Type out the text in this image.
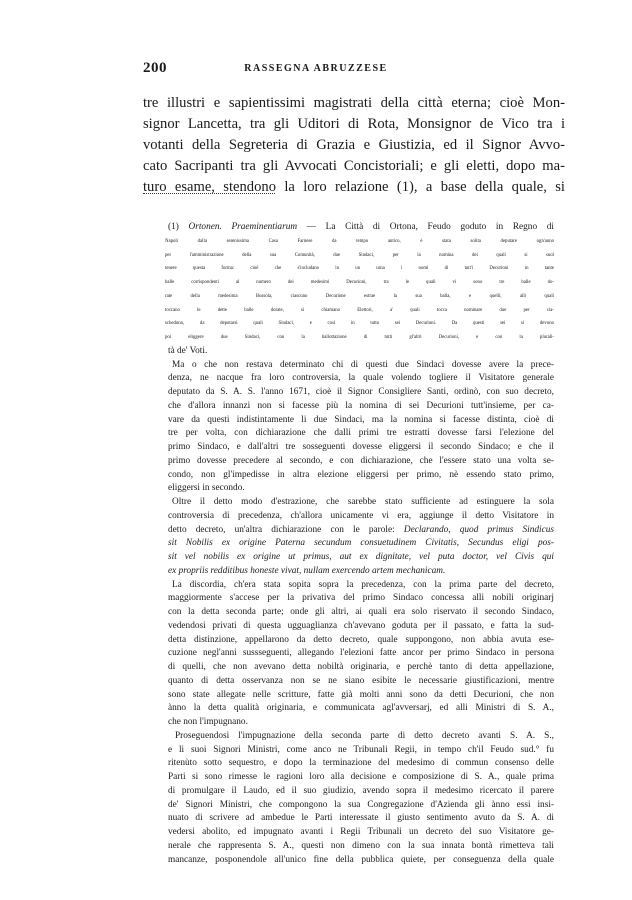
200	RASSEGNA ABRUZZESE
tre illustri e sapientissimi magistrati della città eterna; cioè Mon-
signor Lancetta, tra gli Uditori di Rota, Monsignor de Vico tra i
votanti della Segreteria di Grazia e Giustizia, ed il Signor Avvo-
cato Sacripanti tra gli Avvocati Concistoriali; e gli eletti, dopo ma-
turo esame, stendono la loro relazione (1), a base della quale, si
(1) Ortonen. Praeminentiarum — La Città di Ortona, Feudo goduto in Regno di
Napoli dalla serenissima Casa Farnese da tempo antico, è stata solita deputare ogn'anno
per l'amministrazione della sua Comunità, due Sindaci, per la nomina dei quali si suol
tenere questa forma: cioè che s'includano in un urna i nomi di tutt'i Decurioni in tante
balle corrispondenti al numero dei medesimi Decurioni, tra le quali vi sono tre balle do-
rate della medesima Bussola, ciascuno Decurione estrae la sua balla, e quelli, alli quali
toccano le dette balle dorate, si chiamano Elettori, a' quali tocca nominare due per cia-
scheduno, da deputarsi quali Sindaci, e così in tutto sei Decurioni. Da questi sei si devono
poi eliggere due Sindaci, con la ballottazione di tutti gl'altri Decurioni, e con la plurali-
tà de' Voti.
Ma o che non restava determinato chi di questi due Sindaci dovesse avere la prece-
denza, ne nacque fra loro controversia, la quale volendo togliere il Visitatore generale
deputato da S. A. S. l'anno 1671, cioè il Signor Consigliere Santi, ordinò, con suo decreto,
che d'allora innanzi non si facesse più la nomina di sei Decurioni tutt'insieme, per ca-
vare da questi indistintamente li due Sindaci, ma la nomina si facesse distinta, cioè di
tre per volta, con dichiarazione che dalli primi tre estratti dovesse farsi l'elezione del
primo Sindaco, e dall'altri tre sosseguenti dovesse eliggersi il secondo Sindaco; e che il
primo dovesse precedere al secondo, e con dichiarazione, che l'essere stato una volta se-
condo, non gl'impedisse in altra elezione eliggersi per primo, nè essendo stato primo,
eliggersi in secondo.
Oltre il detto modo d'estrazione, che sarebbe stato sufficiente ad estinguere la sola
controversia di precedenza, ch'allora unicamente vi era, aggiunge il detto Visitatore in
detto decreto, un'altra dichiarazione con le parole: Declarando, quod primus Sindicus
sit Nobilis ex origine Paterna secundum consuetudinem Civitatis, Secundus eligi pos-
sit vel nobilis ex origine ut primus, aut ex dignitate, vel puta doctor, vel Civis qui
ex propriis redditibus honeste vivat, nullam exercendo artem mechanicam.
La discordia, ch'era stata sopita sopra la precedenza, con la prima parte del decreto,
maggiormente s'accese per la privativa del primo Sindaco concessa alli nobili originarj
con la detta seconda parte; onde gli altri, ai quali era solo riservato il secondo Sindaco,
vedendosi privati di questa ugguaglianza ch'avevano goduta per il passato, e fatta la sud-
detta distinzione, appellarono da detto decreto, quale suppongono, non abbia avuta ese-
cuzione negl'anni sussseguenti, allegando l'elezioni fatte ancor per primo Sindaco in persona
di quelli, che non avevano detta nobiltà originaria, e perchè tanto di detta appellazione,
quanto di detta osservanza non se ne siano esibite le necessarie giustificazioni, mentre
sono state allegate nelle scritture, fatte già molti anni sono da detti Decurioni, che non
ànno la detta qualità originaria, e communicata agl'avversarj, ed alli Ministri di S. A.,
che non l'impugnano.
Proseguendosi l'impugnazione della seconda parte di detto decreto avanti S. A. S.,
e li suoi Signori Ministri, come anco ne Tribunali Regii, in tempo ch'il Feudo sud.° fu
ritenùto sotto sequestro, e dopo la terminazione del medesimo di commun consenso delle
Parti si sono rimesse le ragioni loro alla decisione e composizione di S. A., quale prima
di promulgare il Laudo, ed il suo giudizio, avendo sopra il medesimo ricercato il parere
de' Signori Ministri, che compongono la sua Congregazione d'Azienda gli ànno essi insi-
nuato di scrivere ad ambedue le Parti interessate il giusto sentimento avuto da S. A. di
vedersi abolito, ed impugnato avanti i Regii Tribunali un decreto del suo Visitatore ge-
nerale che rappresenta S. A., questi non dimeno con la sua innata bontà rimetteva tali
mancanze, posponendole all'unico fine della pubblica quiete, per conseguenza della quale
